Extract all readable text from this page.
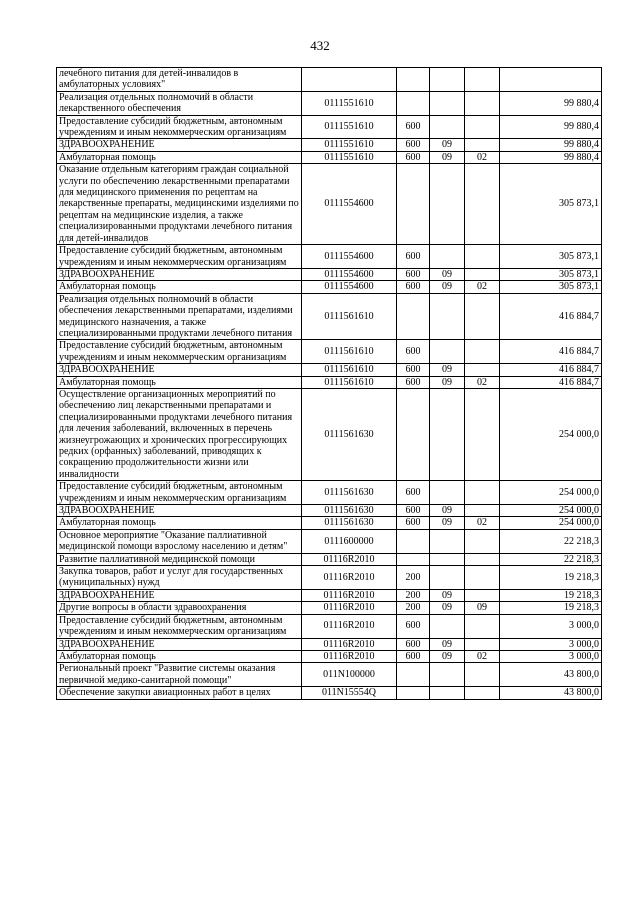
432
лечебного питания для детей-инвалидов в амбулаторных условиях"					
Реализация отдельных полномочий в области лекарственного обеспечения	0111551610				99 880,4
Предоставление субсидий бюджетным, автономным учреждениям и иным некоммерческим организациям	0111551610	600			99 880,4
ЗДРАВООХРАНЕНИЕ	0111551610	600	09		99 880,4
Амбулаторная помощь	0111551610	600	09	02	99 880,4
Оказание отдельным категориям граждан социальной услуги по обеспечению лекарственными препаратами для медицинского применения по рецептам на лекарственные препараты, медицинскими изделиями по рецептам на медицинские изделия, а также специализированными продуктами лечебного питания для детей-инвалидов	0111554600				305 873,1
Предоставление субсидий бюджетным, автономным учреждениям и иным некоммерческим организациям	0111554600	600			305 873,1
ЗДРАВООХРАНЕНИЕ	0111554600	600	09		305 873,1
Амбулаторная помощь	0111554600	600	09	02	305 873,1
Реализация отдельных полномочий в области обеспечения лекарственными препаратами, изделиями медицинского назначения, а также специализированными продуктами лечебного питания	0111561610				416 884,7
Предоставление субсидий бюджетным, автономным учреждениям и иным некоммерческим организациям	0111561610	600			416 884,7
ЗДРАВООХРАНЕНИЕ	0111561610	600	09		416 884,7
Амбулаторная помощь	0111561610	600	09	02	416 884,7
Осуществление организационных мероприятий по обеспечению лиц лекарственными препаратами и специализированными продуктами лечебного питания для лечения заболеваний, включенных в перечень жизнеугрожающих и хронических прогрессирующих редких (орфанных) заболеваний, приводящих к сокращению продолжительности жизни или инвалидности	0111561630				254 000,0
Предоставление субсидий бюджетным, автономным учреждениям и иным некоммерческим организациям	0111561630	600			254 000,0
ЗДРАВООХРАНЕНИЕ	0111561630	600	09		254 000,0
Амбулаторная помощь	0111561630	600	09	02	254 000,0
Основное мероприятие "Оказание паллиативной медицинской помощи взрослому населению и детям"	0111600000				22 218,3
Развитие паллиативной медицинской помощи	01116R2010				22 218,3
Закупка товаров, работ и услуг для государственных (муниципальных) нужд	01116R2010	200			19 218,3
ЗДРАВООХРАНЕНИЕ	01116R2010	200	09		19 218,3
Другие вопросы в области здравоохранения	01116R2010	200	09	09	19 218,3
Предоставление субсидий бюджетным, автономным учреждениям и иным некоммерческим организациям	01116R2010	600			3 000,0
ЗДРАВООХРАНЕНИЕ	01116R2010	600	09		3 000,0
Амбулаторная помощь	01116R2010	600	09	02	3 000,0
Региональный проект "Развитие системы оказания первичной медико-санитарной помощи"	011N100000				43 800,0
Обеспечение закупки авиационных работ в целях	011N15554Q				43 800,0
